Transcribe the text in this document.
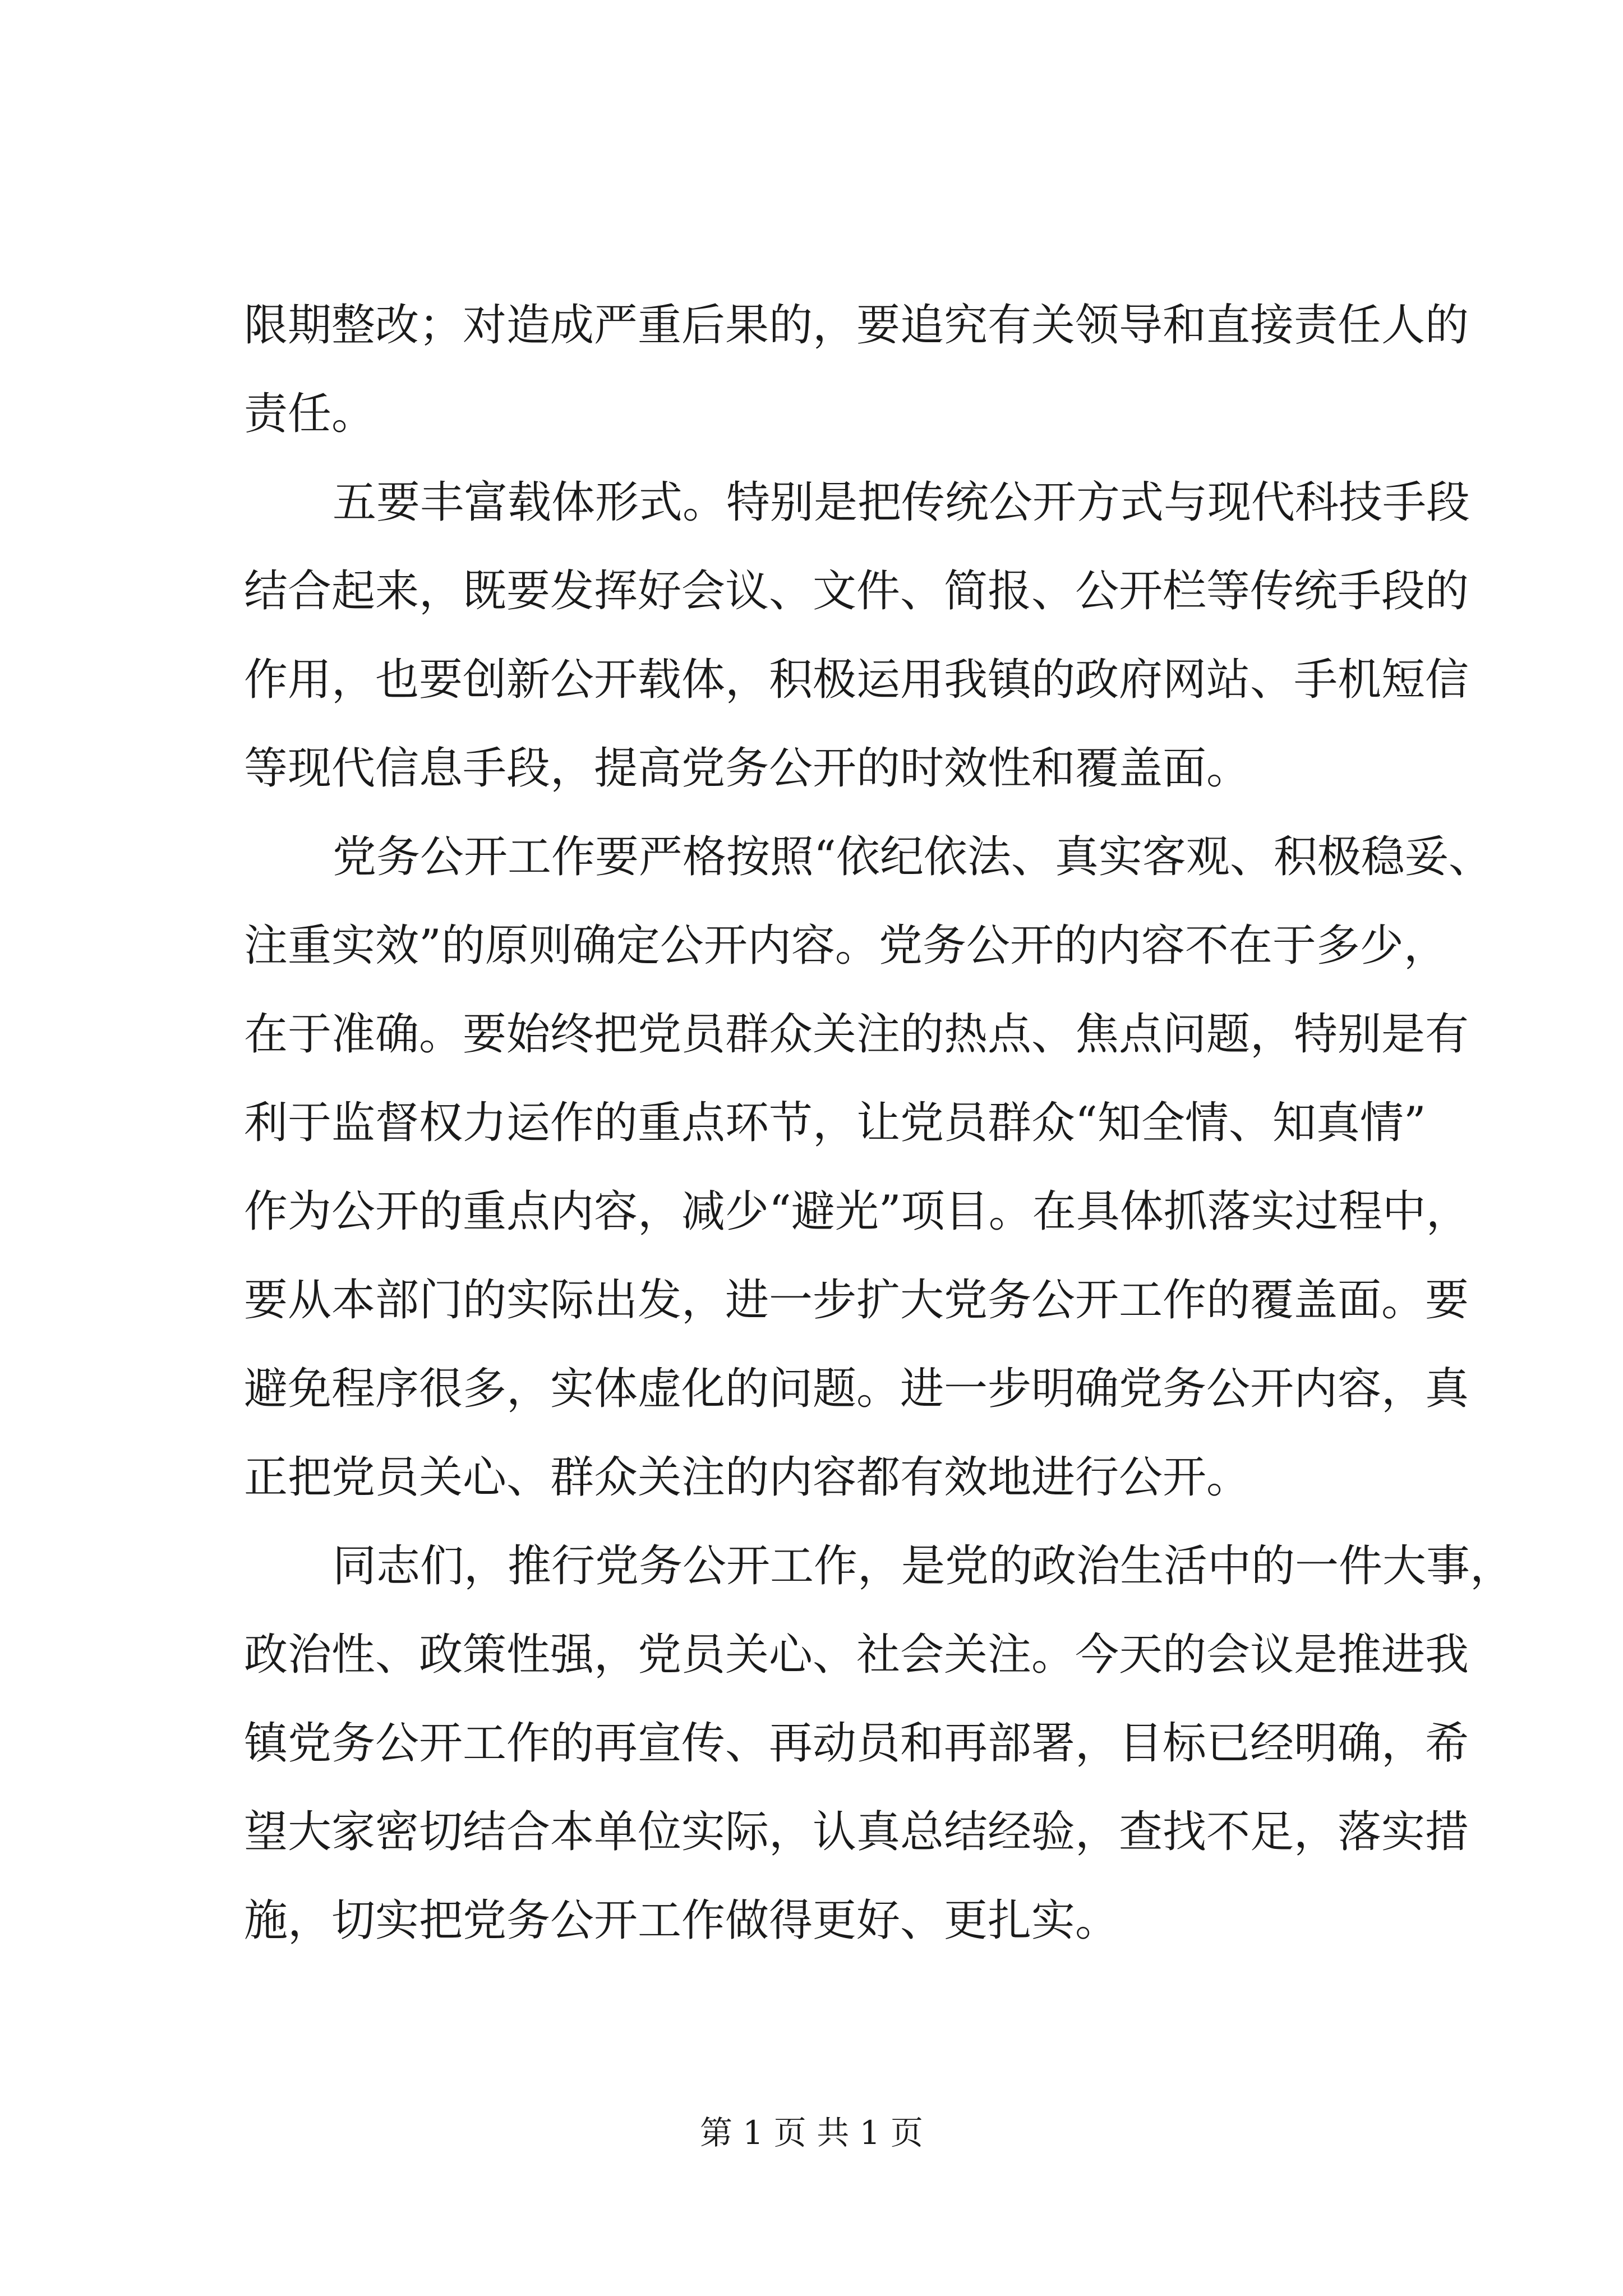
限期整改；对造成严重后果的，要追究有关领导和直接责任人的
责任。
五要丰富载体形式。特别是把传统公开方式与现代科技手段
结合起来，既要发挥好会议、文件、简报、公开栏等传统手段的
作用，也要创新公开载体，积极运用我镇的政府网站、手机短信
等现代信息手段，提高党务公开的时效性和覆盖面。
党务公开工作要严格按照“依纪依法、真实客观、积极稳妥、
注重实效”的原则确定公开内容。党务公开的内容不在于多少，
在于准确。要始终把党员群众关注的热点、焦点问题，特别是有
利于监督权力运作的重点环节，让党员群众“知全情、知真情”
作为公开的重点内容，减少“避光”项目。在具体抓落实过程中，
要从本部门的实际出发，进一步扩大党务公开工作的覆盖面。要
避免程序很多，实体虚化的问题。进一步明确党务公开内容，真
正把党员关心、群众关注的内容都有效地进行公开。
同志们，推行党务公开工作，是党的政治生活中的一件大事，
政治性、政策性强，党员关心、社会关注。今天的会议是推进我
镇党务公开工作的再宣传、再动员和再部署，目标已经明确，希
望大家密切结合本单位实际，认真总结经验，查找不足，落实措
施，切实把党务公开工作做得更好、更扎实。
第 1 页 共 1 页
